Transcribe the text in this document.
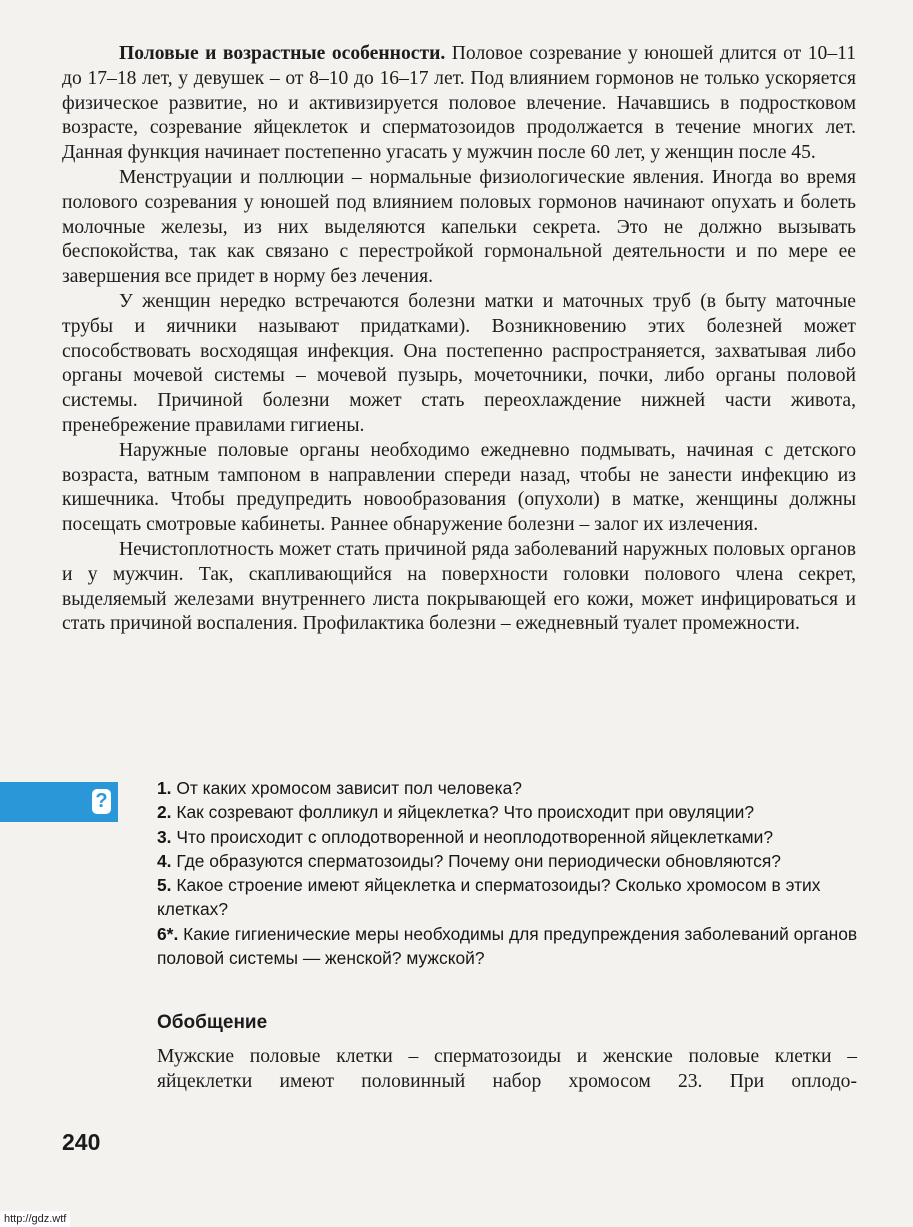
Половые и возрастные особенности. Половое созревание у юношей длится от 10–11 до 17–18 лет, у девушек – от 8–10 до 16–17 лет. Под влиянием гормонов не только ускоряется физическое развитие, но и активизируется половое влечение. Начавшись в подростковом возрасте, созревание яйцеклеток и сперматозоидов продолжается в течение многих лет. Данная функция начинает постепенно угасать у мужчин после 60 лет, у женщин после 45.

Менструации и поллюции – нормальные физиологические явления. Иногда во время полового созревания у юношей под влиянием половых гормонов начинают опухать и болеть молочные железы, из них выделяются капельки секрета. Это не должно вызывать беспокойства, так как связано с перестройкой гормональной деятельности и по мере ее завершения все придет в норму без лечения.

У женщин нередко встречаются болезни матки и маточных труб (в быту маточные трубы и яичники называют придатками). Возникновению этих болезней может способствовать восходящая инфекция. Она постепенно распространяется, захватывая либо органы мочевой системы – мочевой пузырь, мочеточники, почки, либо органы половой системы. Причиной болезни может стать переохлаждение нижней части живота, пренебрежение правилами гигиены.

Наружные половые органы необходимо ежедневно подмывать, начиная с детского возраста, ватным тампоном в направлении спереди назад, чтобы не занести инфекцию из кишечника. Чтобы предупредить новообразования (опухоли) в матке, женщины должны посещать смотровые кабинеты. Раннее обнаружение болезни – залог их излечения.

Нечистоплотность может стать причиной ряда заболеваний наружных половых органов и у мужчин. Так, скапливающийся на поверхности головки полового члена секрет, выделяемый железами внутреннего листа покрывающей его кожи, может инфицироваться и стать причиной воспаления. Профилактика болезни – ежедневный туалет промежности.

?
1. От каких хромосом зависит пол человека?
2. Как созревают фолликул и яйцеклетка? Что происходит при овуляции?
3. Что происходит с оплодотворенной и неоплодотворенной яйцеклетками?
4. Где образуются сперматозоиды? Почему они периодически обновляются?
5. Какое строение имеют яйцеклетка и сперматозоиды? Сколько хромосом в этих клетках?
6*. Какие гигиенические меры необходимы для предупреждения заболеваний органов половой системы — женской? мужской?
Обобщение
Мужские половые клетки – сперматозоиды и женские половые клетки – яйцеклетки имеют половинный набор хромосом 23. При оплодо-
240
http://gdz.wtf
